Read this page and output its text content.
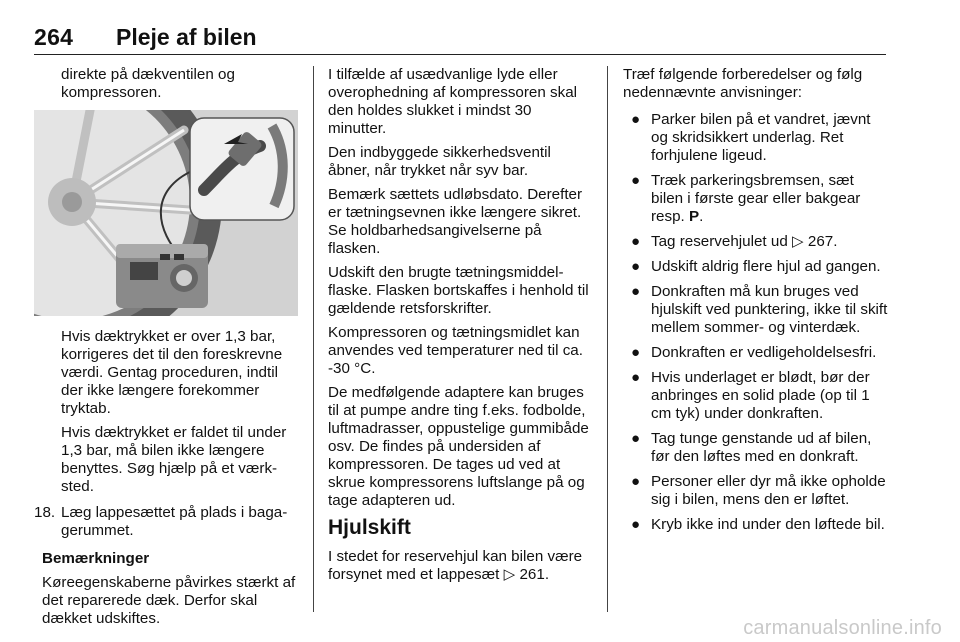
264 Pleje af bilen

direkte på dækventilen og kompressoren.

Hvis dæktrykket er over 1,3 bar, korrigeres det til den foreskrevne værdi. Gentag proceduren, indtil der ikke længere forekommer tryktab.

Hvis dæktrykket er faldet til under 1,3 bar, må bilen ikke længere benyttes. Søg hjælp på et værksted.

18. Læg lappesættet på plads i bagagerummet.

Bemærkninger

Køreegenskaberne påvirkes stærkt af det reparerede dæk. Derfor skal dækket udskiftes.

I tilfælde af usædvanlige lyde eller overophedning af kompressoren skal den holdes slukket i mindst 30 minutter.

Den indbyggede sikkerhedsventil åbner, når trykket når syv bar.

Bemærk sættets udløbsdato. Derefter er tætningsevnen ikke længere sikret. Se holdbarhedsangivelserne på flasken.

Udskift den brugte tætningsmiddelflaske. Flasken bortskaffes i henhold til gældende retsforskrifter.

Kompressoren og tætningsmidlet kan anvendes ved temperaturer ned til ca. -30 °C.

De medfølgende adaptere kan bruges til at pumpe andre ting f.eks. fodbolde, luftmadrasser, oppustelige gummibåde osv. De findes på undersiden af kompressoren. De tages ud ved at skrue kompressorens luftslange på og tage adapteren ud.

Hjulskift

I stedet for reservehjul kan bilen være forsynet med et lappesæt ▷ 261.

Træf følgende forberedelser og følg nedennævnte anvisninger:

● Parker bilen på et vandret, jævnt og skridsikkert underlag. Ret forhjulene ligeud.
● Træk parkeringsbremsen, sæt bilen i første gear eller bakgear resp. P.
● Tag reservehjulet ud ▷ 267.
● Udskift aldrig flere hjul ad gangen.
● Donkraften må kun bruges ved hjulskift ved punktering, ikke til skift mellem sommer- og vinterdæk.
● Donkraften er vedligeholdelsesfri.
● Hvis underlaget er blødt, bør der anbringes en solid plade (op til 1 cm tyk) under donkraften.
● Tag tunge genstande ud af bilen, før den løftes med en donkraft.
● Personer eller dyr må ikke opholde sig i bilen, mens den er løftet.
● Kryb ikke ind under den løftede bil.
carmanualsonline.info
